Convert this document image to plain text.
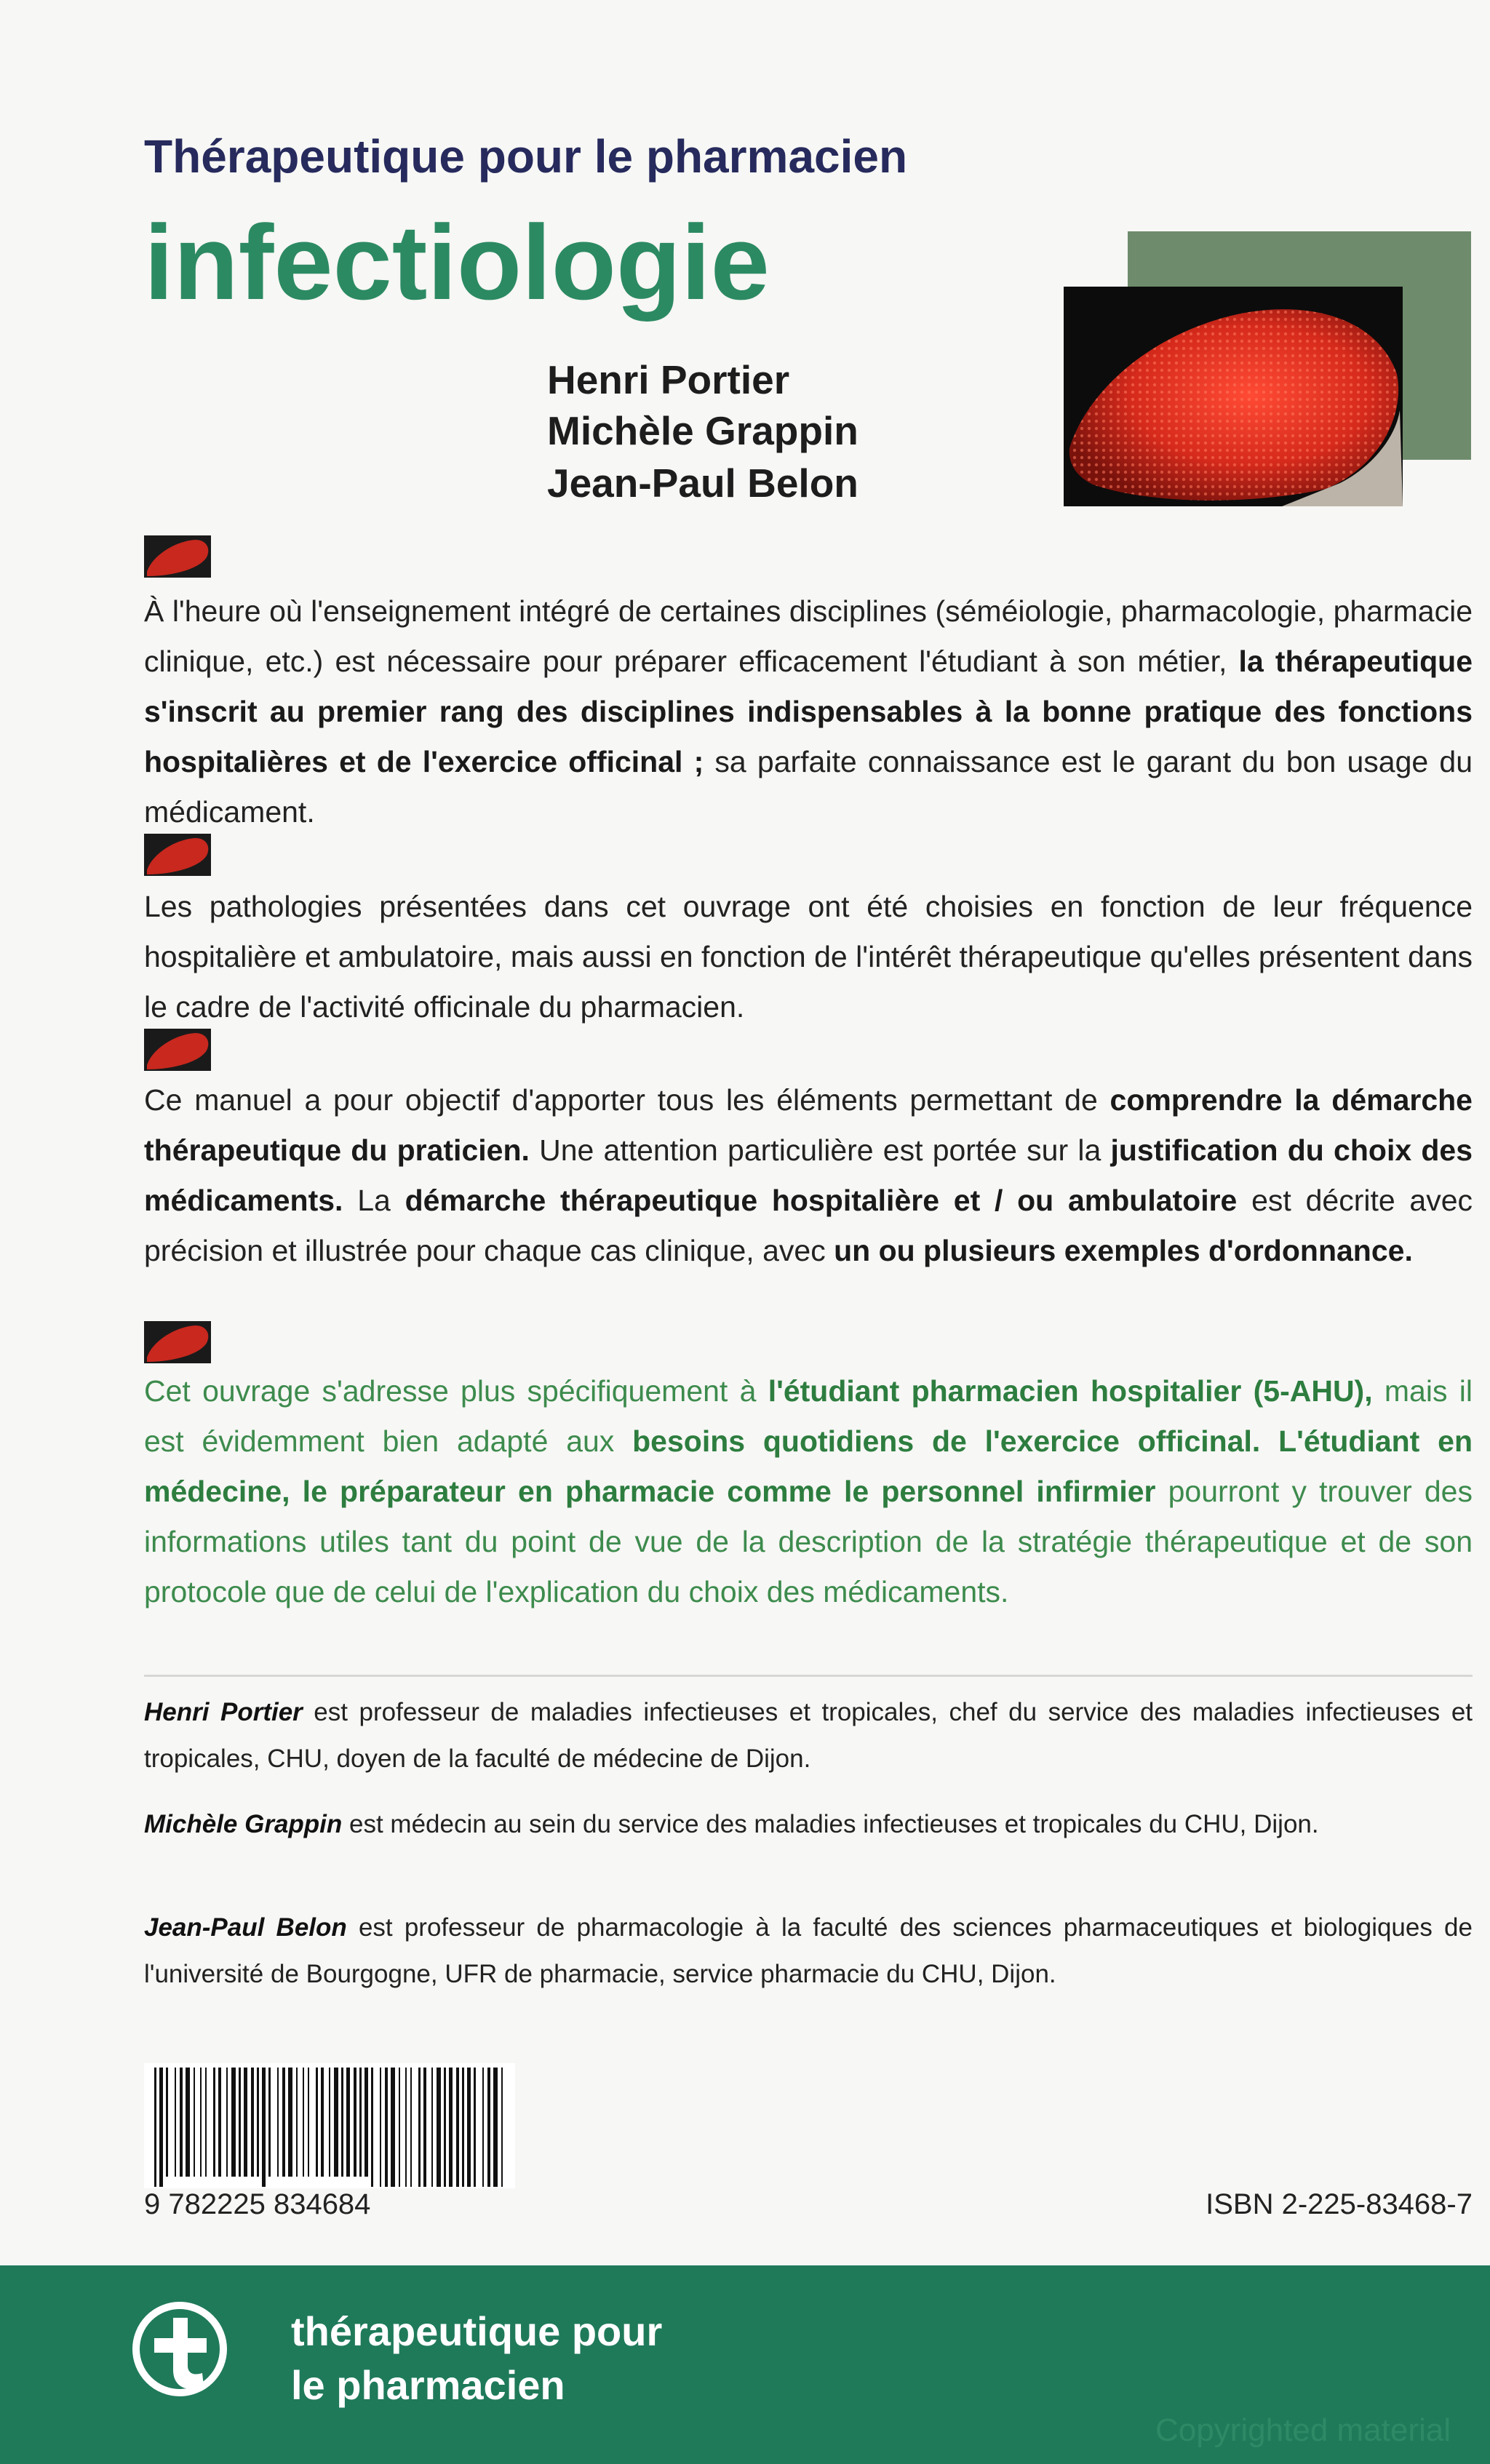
Thérapeutique pour le pharmacien
infectiologie
Henri Portier
Michèle Grappin
Jean-Paul Belon
À l'heure où l'enseignement intégré de certaines disciplines (séméiologie, pharmacologie, pharmacie clinique, etc.) est nécessaire pour préparer efficacement l'étudiant à son métier, la thérapeutique s'inscrit au premier rang des disciplines indispensables à la bonne pratique des fonctions hospitalières et de l'exercice officinal ; sa parfaite connaissance est le garant du bon usage du médicament.
Les pathologies présentées dans cet ouvrage ont été choisies en fonction de leur fréquence hospitalière et ambulatoire, mais aussi en fonction de l'intérêt thérapeutique qu'elles présentent dans le cadre de l'activité officinale du pharmacien.
Ce manuel a pour objectif d'apporter tous les éléments permettant de comprendre la démarche thérapeutique du praticien. Une attention particulière est portée sur la justification du choix des médicaments. La démarche thérapeutique hospitalière et / ou ambulatoire est décrite avec précision et illustrée pour chaque cas clinique, avec un ou plusieurs exemples d'ordonnance.
Cet ouvrage s'adresse plus spécifiquement à l'étudiant pharmacien hospitalier (5-AHU), mais il est évidemment bien adapté aux besoins quotidiens de l'exercice officinal. L'étudiant en médecine, le préparateur en pharmacie comme le personnel infirmier pourront y trouver des informations utiles tant du point de vue de la description de la stratégie thérapeutique et de son protocole que de celui de l'explication du choix des médicaments.
Henri Portier est professeur de maladies infectieuses et tropicales, chef du service des maladies infectieuses et tropicales, CHU, doyen de la faculté de médecine de Dijon.
Michèle Grappin est médecin au sein du service des maladies infectieuses et tropicales du CHU, Dijon.
Jean-Paul Belon est professeur de pharmacologie à la faculté des sciences pharmaceutiques et biologiques de l'université de Bourgogne, UFR de pharmacie, service pharmacie du CHU, Dijon.
9 782225 834684	ISBN 2-225-83468-7
thérapeutique pour
le pharmacien
Copyrighted material
